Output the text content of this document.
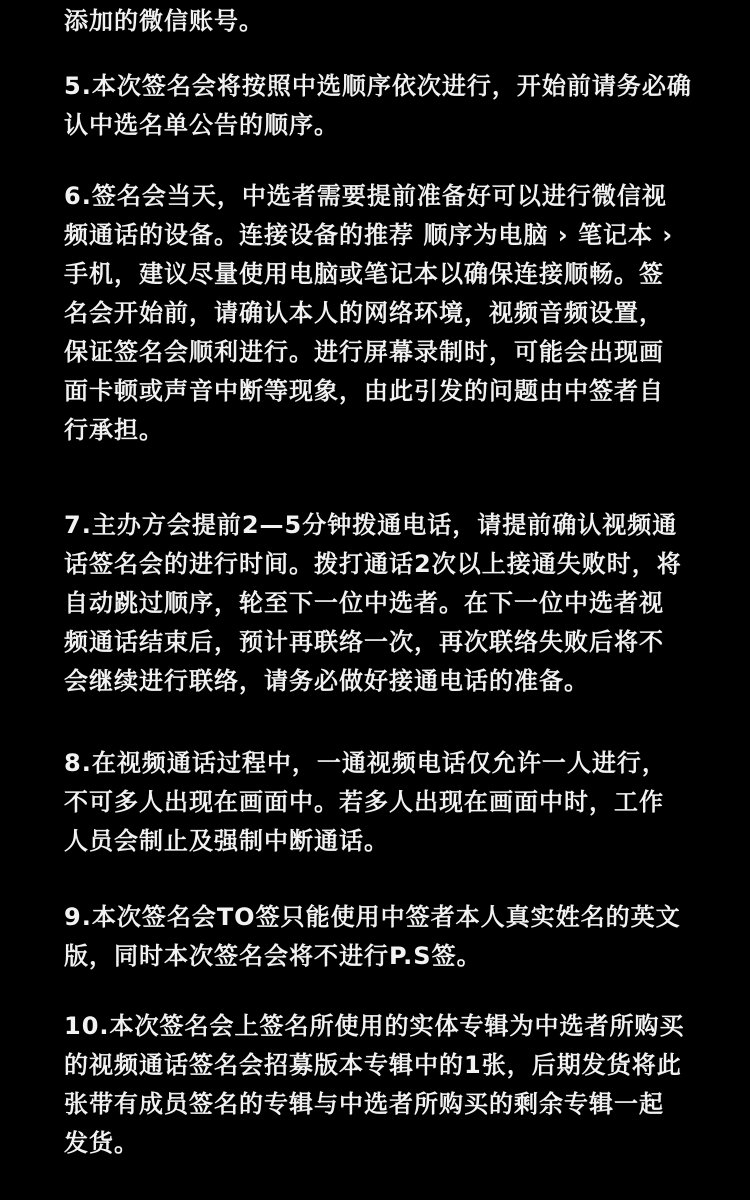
添加的微信账号。
5.本次签名会将按照中选顺序依次进行，开始前请务必确
认中选名单公告的顺序。
6.签名会当天，中选者需要提前准备好可以进行微信视
频通话的设备。连接设备的推荐 顺序为电脑 › 笔记本 ›
手机，建议尽量使用电脑或笔记本以确保连接顺畅。签
名会开始前，请确认本人的网络环境，视频音频设置，
保证签名会顺利进行。进行屏幕录制时，可能会出现画
面卡顿或声音中断等现象，由此引发的问题由中签者自
行承担。
7.主办方会提前2—5分钟拨通电话，请提前确认视频通
话签名会的进行时间。拨打通话2次以上接通失败时，将
自动跳过顺序，轮至下一位中选者。在下一位中选者视
频通话结束后，预计再联络一次，再次联络失败后将不
会继续进行联络，请务必做好接通电话的准备。
8.在视频通话过程中，一通视频电话仅允许一人进行，
不可多人出现在画面中。若多人出现在画面中时，工作
人员会制止及强制中断通话。
9.本次签名会TO签只能使用中签者本人真实姓名的英文
版，同时本次签名会将不进行P.S签。
10.本次签名会上签名所使用的实体专辑为中选者所购买
的视频通话签名会招募版本专辑中的1张，后期发货将此
张带有成员签名的专辑与中选者所购买的剩余专辑一起
发货。
